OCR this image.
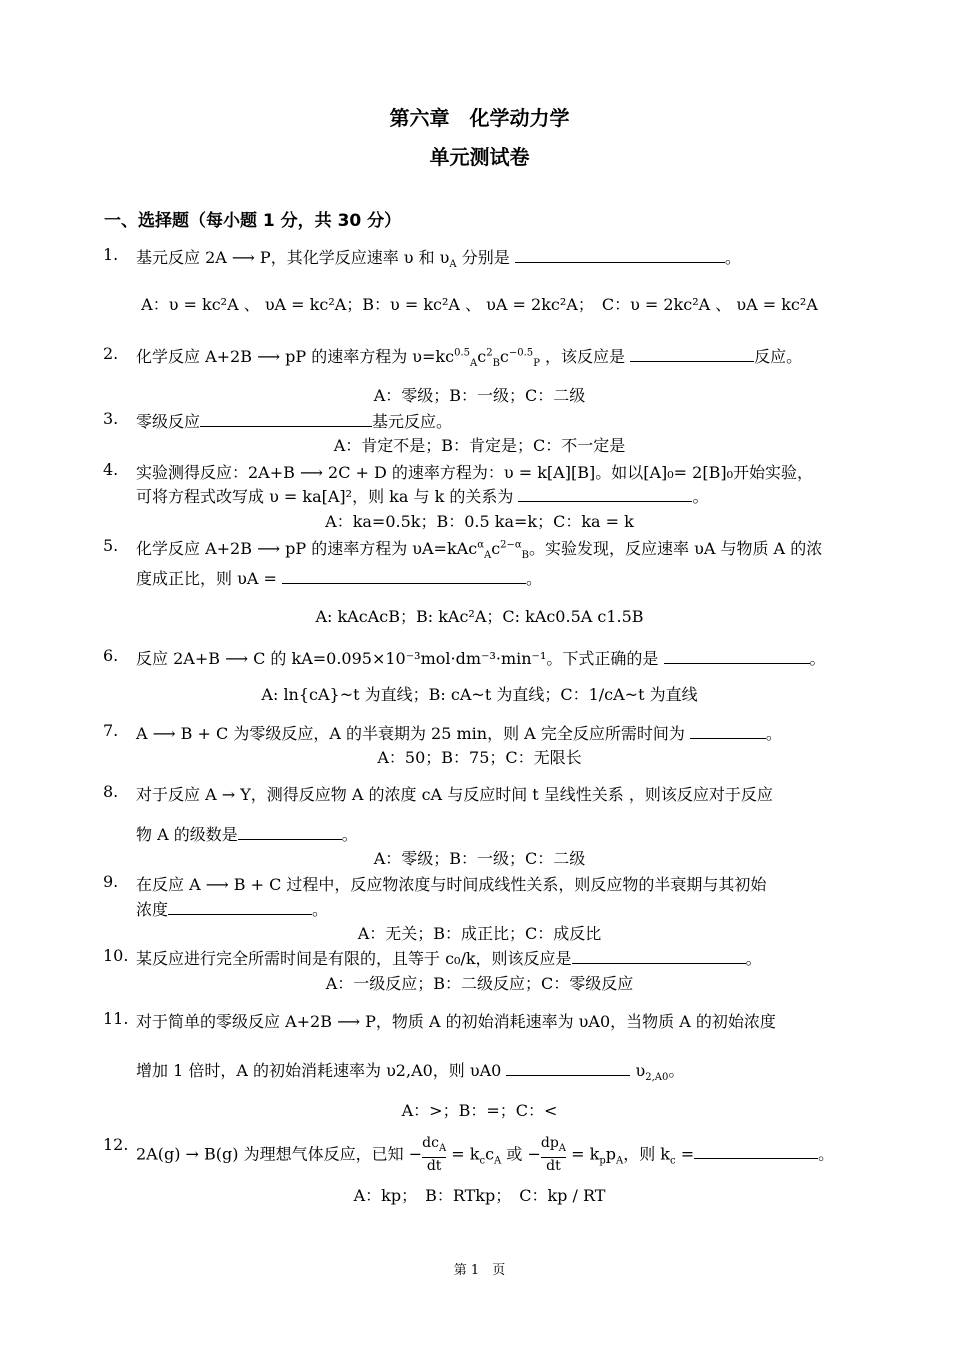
第六章　化学动力学
单元测试卷
一、选择题（每小题 1 分，共 30 分）
1. 基元反应 2A ⟶ P，其化学反应速率 υ 和 $\upsilon_A$ 分别是	。
A：υ = kc²A 、 υA = kc²A；B：υ = kc²A 、 υA = 2kc²A；　C：υ = 2kc²A 、 υA = kc²A
2. 化学反应 A+2B ⟶ pP 的速率方程为 $\upsilon=kc^{0.5}_Ac^2_Bc^{-0.5}_P$ ，该反应是	反应。
A：零级；B：一级；C：二级
3. 零级反应	基元反应。
A：肯定不是；B：肯定是；C：不一定是
4. 实验测得反应：2A+B ⟶ 2C + D 的速率方程为：υ = k[A][B]。如以[A]₀= 2[B]₀开始实验，
可将方程式改写成 υ = ka[A]²，则 ka 与 k 的关系为	。
A：ka=0.5k；B：0.5 ka=k；C：ka = k
5. 化学反应 A+2B ⟶ pP 的速率方程为 $\upsilon A=kAc^\alpha_Ac^{2-\alpha}_B$。实验发现，反应速率 υA 与物质 A 的浓
度成正比，则 υA =	。
A: kAcAcB；B: kAc²A；C: kAc0.5A c1.5B
6. 反应 2A+B ⟶ C 的 kA=0.095×10⁻³mol·dm⁻³·min⁻¹。下式正确的是	。
A: ln{cA}~t 为直线；B: cA~t 为直线；C：1/cA~t 为直线
7. A ⟶ B + C 为零级反应，A 的半衰期为 25 min，则 A 完全反应所需时间为	。
A：50；B：75；C：无限长
8. 对于反应 A → Y，测得反应物 A 的浓度 cA 与反应时间 t 呈线性关系 ，则该反应对于反应
物 A 的级数是	。
A：零级；B：一级；C：二级
9. 在反应 A ⟶ B + C 过程中，反应物浓度与时间成线性关系，则反应物的半衰期与其初始
浓度	。
A：无关；B：成正比；C：成反比
10. 某反应进行完全所需时间是有限的，且等于 c₀/k，则该反应是	。
A：一级反应；B：二级反应；C：零级反应
11. 对于简单的零级反应 A+2B ⟶ P，物质 A 的初始消耗速率为 υA0，当物质 A 的初始浓度
增加 1 倍时，A 的初始消耗速率为 υ2,A0，则 υA0	$\upsilon_{2,A0}$。
A：>；B：=；C：<
12. 2A(g) → B(g) 为理想气体反应，已知 −
$dc_A$
dt
= $k_cc_A$ 或 −
$dp_A$
dt
= $k_pp_A$，则 $k_c$ =	。
A：kp；　B：RTkp；　C：kp / RT
第 1　页
